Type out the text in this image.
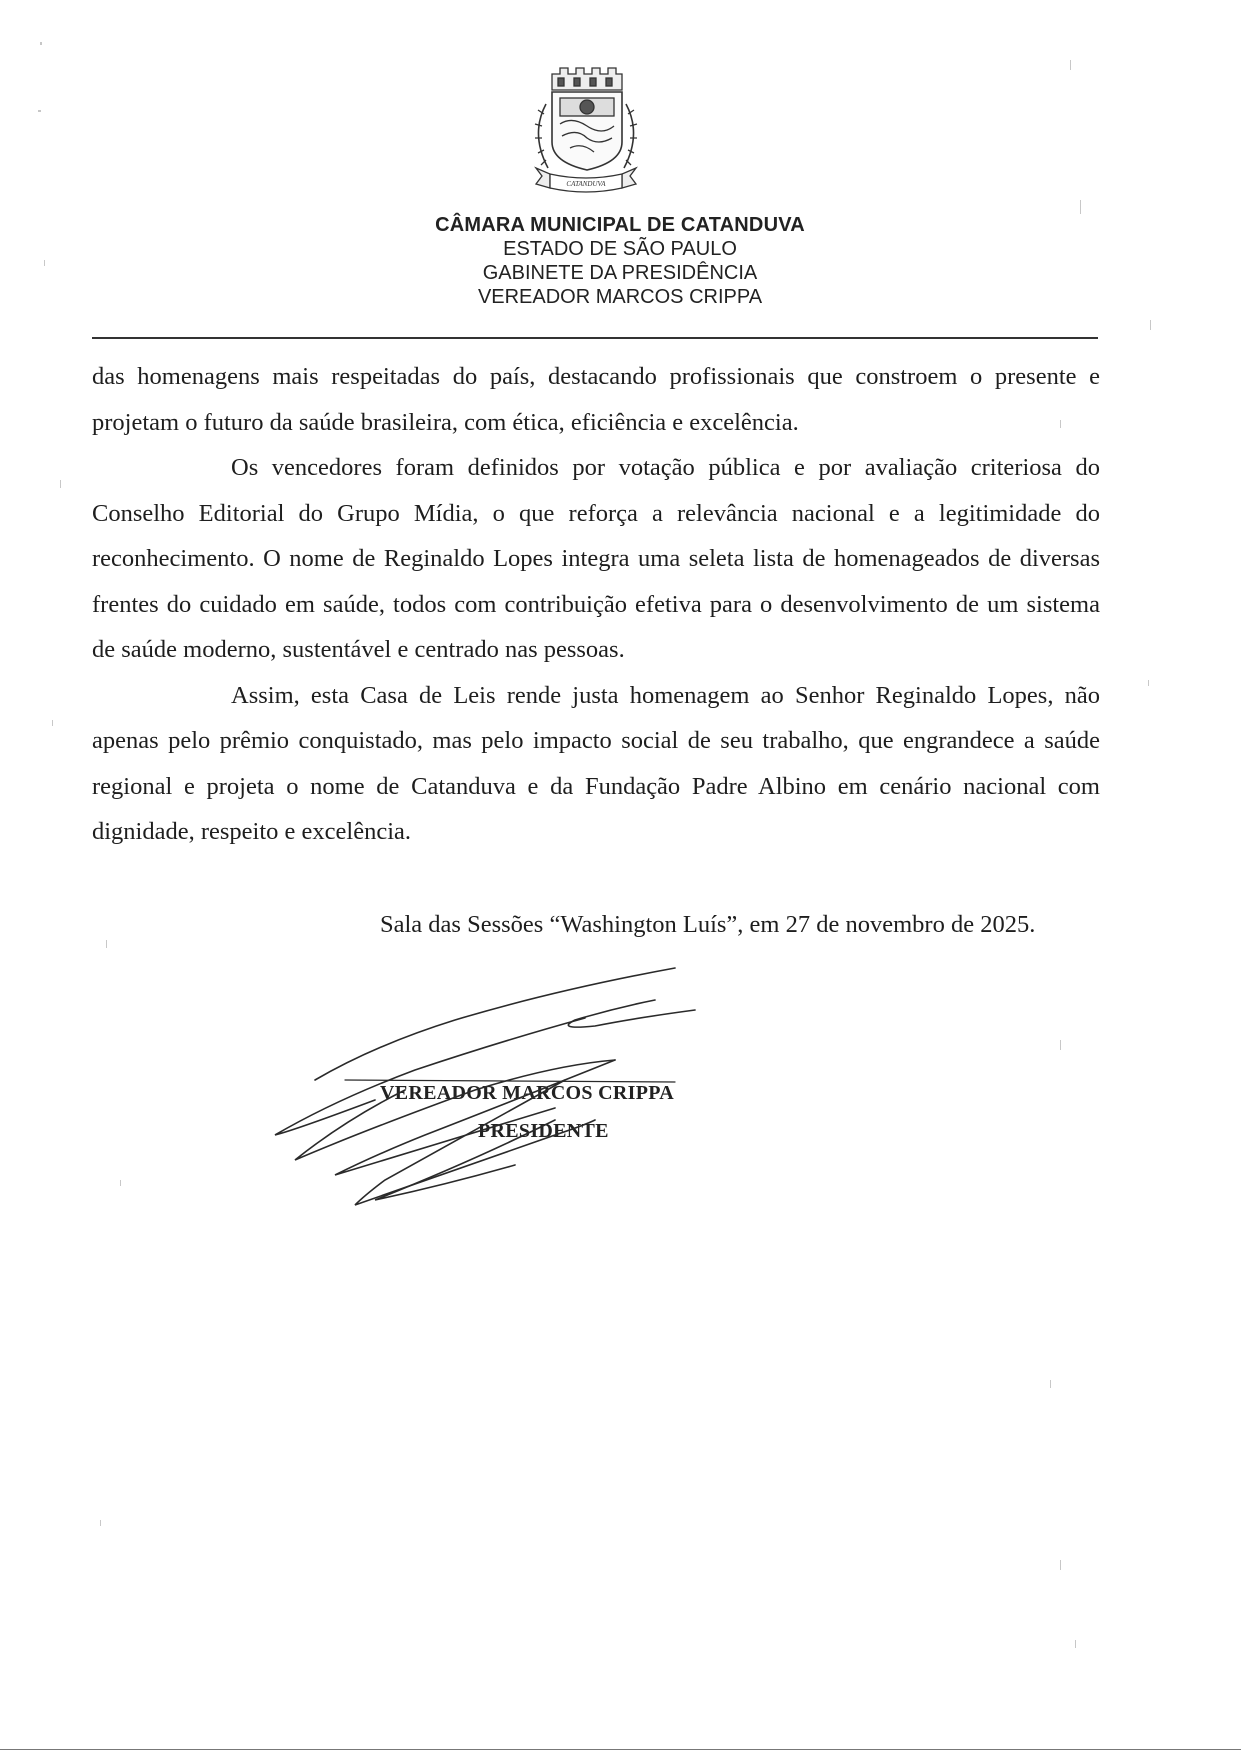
CATANDUVA
CÂMARA MUNICIPAL DE CATANDUVA
ESTADO DE SÃO PAULO
GABINETE DA PRESIDÊNCIA
VEREADOR MARCOS CRIPPA

das homenagens mais respeitadas do país, destacando profissionais que constroem o presente e projetam o futuro da saúde brasileira, com ética, eficiência e excelência.

Os vencedores foram definidos por votação pública e por avaliação criteriosa do Conselho Editorial do Grupo Mídia, o que reforça a relevância nacional e a legitimidade do reconhecimento. O nome de Reginaldo Lopes integra uma seleta lista de homenageados de diversas frentes do cuidado em saúde, todos com contribuição efetiva para o desenvolvimento de um sistema de saúde moderno, sustentável e centrado nas pessoas.

Assim, esta Casa de Leis rende justa homenagem ao Senhor Reginaldo Lopes, não apenas pelo prêmio conquistado, mas pelo impacto social de seu trabalho, que engrandece a saúde regional e projeta o nome de Catanduva e da Fundação Padre Albino em cenário nacional com dignidade, respeito e excelência.

Sala das Sessões “Washington Luís”, em 27 de novembro de 2025.
VEREADOR MARCOS CRIPPA
PRESIDENTE
